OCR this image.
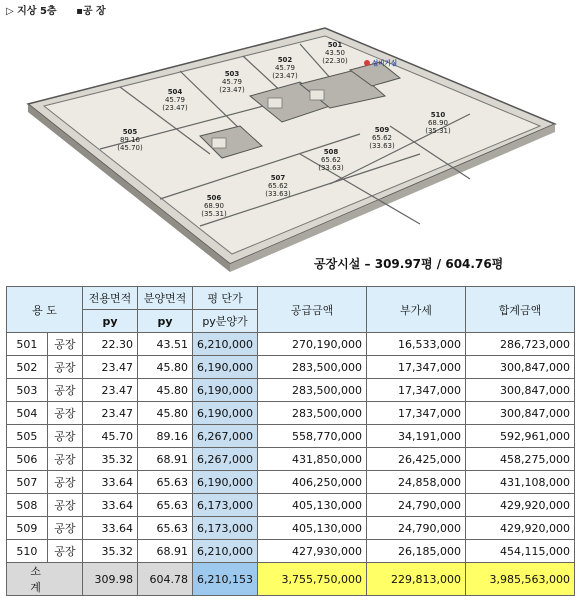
▷ 지상 5층 ▪공 장
501
43.50
(22.30)
502
45.79
(23.47)
503
45.79
(23.47)
504
45.79
(23.47)
505
89.16
(45.70)
506
68.90
(35.31)
507
65.62
(33.63)
508
65.62
(33.63)
509
65.62
(33.63)
510
68.90
(35.31)
설비기실
공장시설 – 309.97평 / 604.76평
용 도		전용면적	분양면적	평 단가	공급금액	부가세	합계금액
		py	py	py분양가			
501	공장	22.30	43.51	6,210,000	270,190,000	16,533,000	286,723,000
502	공장	23.47	45.80	6,190,000	283,500,000	17,347,000	300,847,000
503	공장	23.47	45.80	6,190,000	283,500,000	17,347,000	300,847,000
504	공장	23.47	45.80	6,190,000	283,500,000	17,347,000	300,847,000
505	공장	45.70	89.16	6,267,000	558,770,000	34,191,000	592,961,000
506	공장	35.32	68.91	6,267,000	431,850,000	26,425,000	458,275,000
507	공장	33.64	65.63	6,190,000	406,250,000	24,858,000	431,108,000
508	공장	33.64	65.63	6,173,000	405,130,000	24,790,000	429,920,000
509	공장	33.64	65.63	6,173,000	405,130,000	24,790,000	429,920,000
510	공장	35.32	68.91	6,210,000	427,930,000	26,185,000	454,115,000
소 계		309.98	604.78	6,210,153	3,755,750,000	229,813,000	3,985,563,000
